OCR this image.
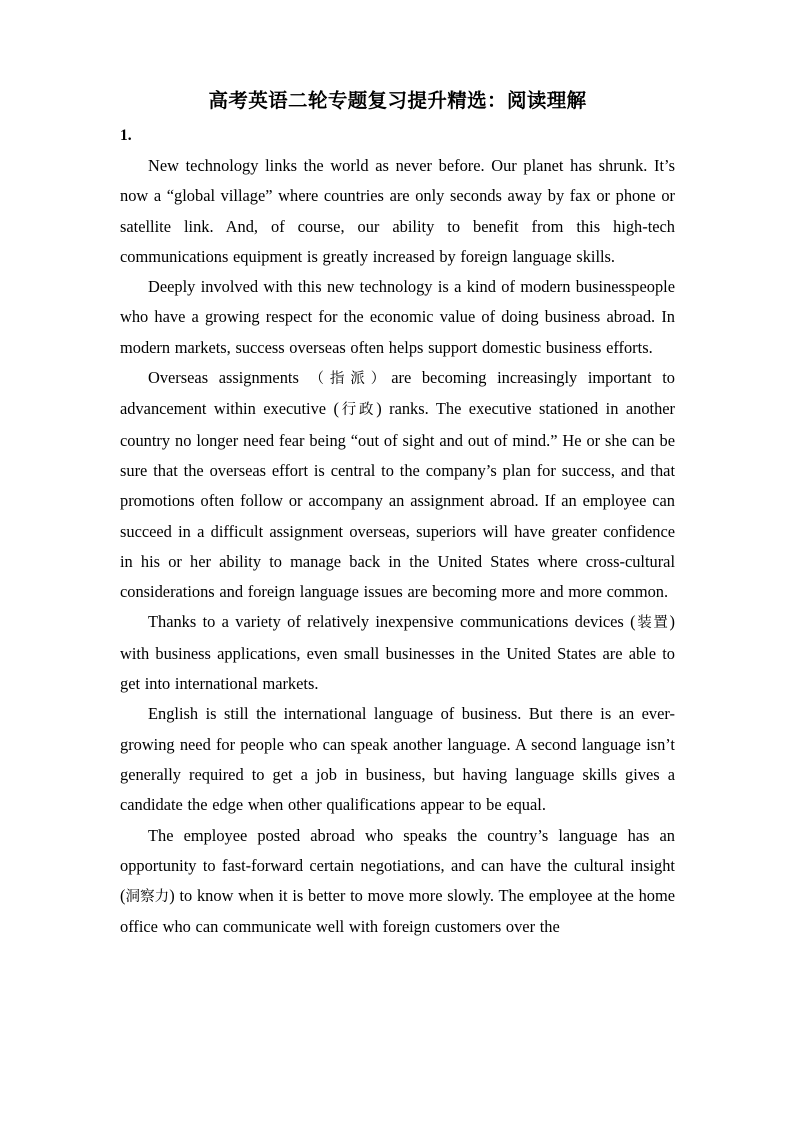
高考英语二轮专题复习提升精选：阅读理解
1.

New technology links the world as never before. Our planet has shrunk. It’s now a “global village” where countries are only seconds away by fax or phone or satellite link. And, of course, our ability to benefit from this high-tech communications equipment is greatly increased by foreign language skills.

Deeply involved with this new technology is a kind of modern businesspeople who have a growing respect for the economic value of doing business abroad. In modern markets, success overseas often helps support domestic business efforts.

Overseas assignments （指派）are becoming increasingly important to advancement within executive (行政) ranks. The executive stationed in another country no longer need fear being “out of sight and out of mind.” He or she can be sure that the overseas effort is central to the company’s plan for success, and that promotions often follow or accompany an assignment abroad. If an employee can succeed in a difficult assignment overseas, superiors will have greater confidence in his or her ability to manage back in the United States where cross-cultural considerations and foreign language issues are becoming more and more common.

Thanks to a variety of relatively inexpensive communications devices (装置) with business applications, even small businesses in the United States are able to get into international markets.

English is still the international language of business. But there is an ever-growing need for people who can speak another language. A second language isn’t generally required to get a job in business, but having language skills gives a candidate the edge when other qualifications appear to be equal.

The employee posted abroad who speaks the country’s language has an opportunity to fast-forward certain negotiations, and can have the cultural insight (洞察力) to know when it is better to move more slowly. The employee at the home office who can communicate well with foreign customers over the
